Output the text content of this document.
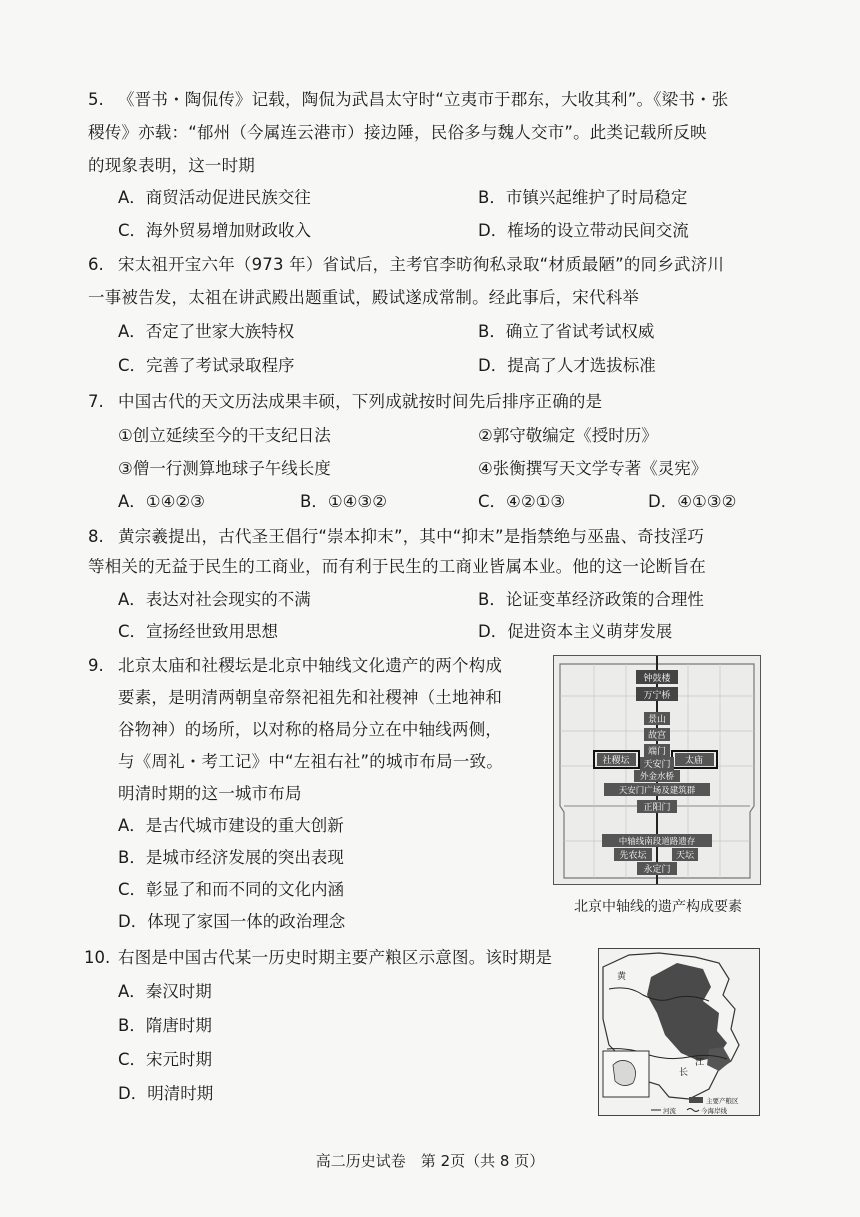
5. 《晋书・陶侃传》记载，陶侃为武昌太守时“立夷市于郡东，大收其利”。《梁书・张
稷传》亦载：“郁州（今属连云港市）接边陲，民俗多与魏人交市”。此类记载所反映
的现象表明，这一时期
A．商贸活动促进民族交往	B．市镇兴起维护了时局稳定
C．海外贸易增加财政收入	D．榷场的设立带动民间交流
6. 宋太祖开宝六年（973 年）省试后，主考官李昉徇私录取“材质最陋”的同乡武济川
一事被告发，太祖在讲武殿出题重试，殿试遂成常制。经此事后，宋代科举
A．否定了世家大族特权	B．确立了省试考试权威
C．完善了考试录取程序	D．提高了人才选拔标准
7. 中国古代的天文历法成果丰硕，下列成就按时间先后排序正确的是
①创立延续至今的干支纪日法	②郭守敬编定《授时历》
③僧一行测算地球子午线长度	④张衡撰写天文学专著《灵宪》
A．①④②③	B．①④③②	C．④②①③	D．④①③②
8. 黄宗羲提出，古代圣王倡行“崇本抑末”，其中“抑末”是指禁绝与巫蛊、奇技淫巧
等相关的无益于民生的工商业，而有利于民生的工商业皆属本业。他的这一论断旨在
A．表达对社会现实的不满	B．论证变革经济政策的合理性
C．宣扬经世致用思想	D．促进资本主义萌芽发展
9. 北京太庙和社稷坛是北京中轴线文化遗产的两个构成
要素，是明清两朝皇帝祭祀祖先和社稷神（土地神和
谷物神）的场所，以对称的格局分立在中轴线两侧，
与《周礼・考工记》中“左祖右社”的城市布局一致。
明清时期的这一城市布局
A．是古代城市建设的重大创新
B．是城市经济发展的突出表现
C．彰显了和而不同的文化内涵
D．体现了家国一体的政治理念
钟鼓楼
万宁桥
景山
故宫
端门
社稷坛 天安门 太庙
外金水桥
天安门广场及建筑群
正阳门
中轴线南段道路遗存
先农坛	天坛
永定门
北京中轴线的遗产构成要素
10. 右图是中国古代某一历史时期主要产粮区示意图。该时期是
A．秦汉时期
B．隋唐时期
C．宋元时期
D．明清时期
黄
江
长
主要产粮区
河流	今海岸线
高二历史试卷　第 2页（共 8 页）
